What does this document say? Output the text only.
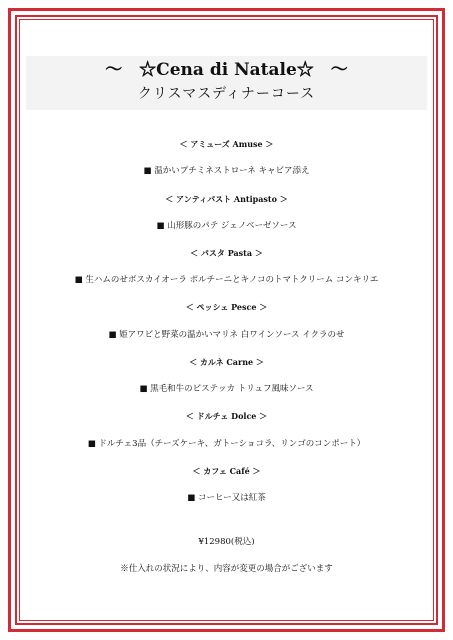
～　☆Cena di Natale☆　～
クリスマスディナーコース
＜ アミューズ Amuse ＞
■ 温かいプチミネストローネ キャビア添え
＜ アンティパスト Antipasto ＞
■ 山形豚のパテ ジェノベーゼソース
＜ パスタ Pasta ＞
■ 生ハムのせボスカイオーラ ポルチーニとキノコのトマトクリーム コンキリエ
＜ ペッシェ Pesce ＞
■ 姫アワビと野菜の温かいマリネ 白ワインソース イクラのせ
＜ カルネ Carne ＞
■ 黒毛和牛のビステッカ トリュフ風味ソース
＜ ドルチェ Dolce ＞
■ ドルチェ3品（チーズケーキ、ガトーショコラ、リンゴのコンポート）
＜ カフェ Café ＞
■ コーヒー又は紅茶
¥12980(税込)
※仕入れの状況により、内容が変更の場合がございます
